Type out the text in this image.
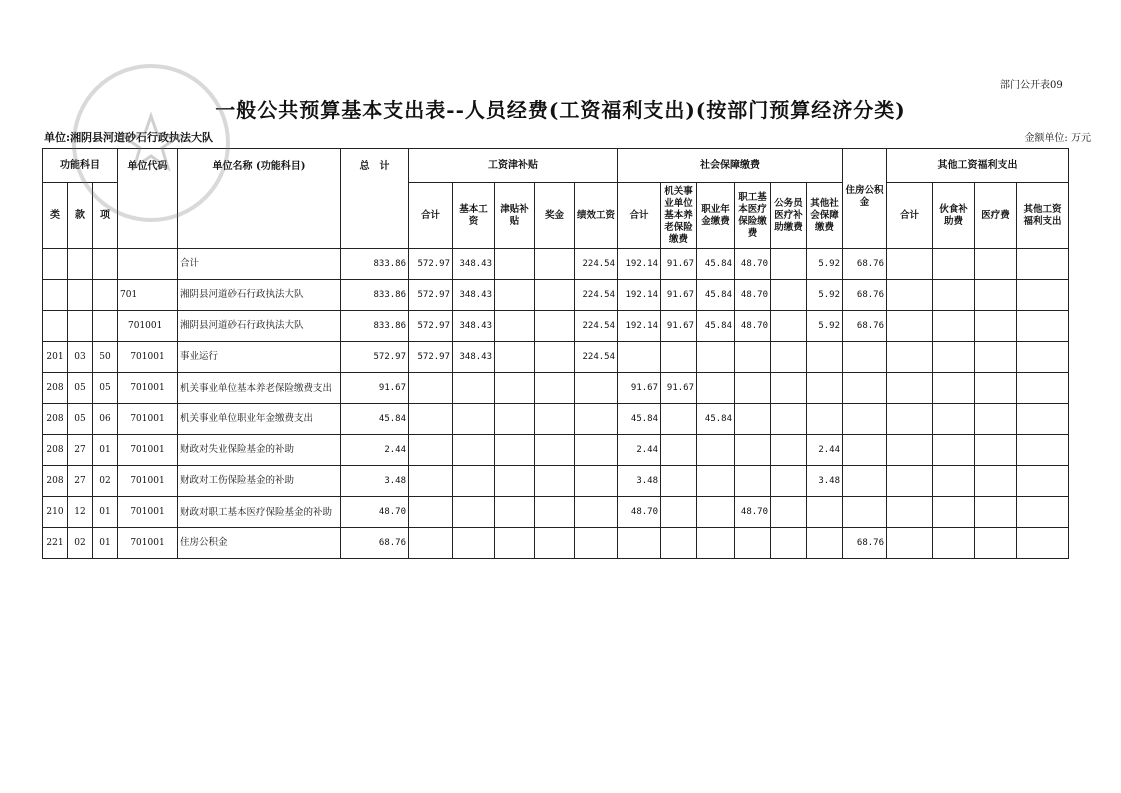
部门公开表09
一般公共预算基本支出表--人员经费(工资福利支出)(按部门预算经济分类)
单位:湘阴县河道砂石行政执法大队	金额单位: 万元
功能科目			单位代码	单位名称 (功能科目)	总　计	工资津补贴					社会保障缴费						住房公积金	其他工资福利支出			
类	款	项				合计	基本工资	津贴补贴	奖金	绩效工资	合计	机关事业单位基本养老保险缴费	职业年金缴费	职工基本医疗保险缴费	公务员医疗补助缴费	其他社会保障缴费		合计	伙食补助费	医疗费	其他工资福利支出
				合计	833.86	572.97	348.43			224.54	192.14	91.67	45.84	48.70		5.92	68.76				
			701	湘阴县河道砂石行政执法大队	833.86	572.97	348.43			224.54	192.14	91.67	45.84	48.70		5.92	68.76				
			701001	湘阴县河道砂石行政执法大队	833.86	572.97	348.43			224.54	192.14	91.67	45.84	48.70		5.92	68.76				
201	03	50	701001	事业运行	572.97	572.97	348.43			224.54											
208	05	05	701001	机关事业单位基本养老保险缴费支出	91.67						91.67	91.67									
208	05	06	701001	机关事业单位职业年金缴费支出	45.84						45.84		45.84								
208	27	01	701001	财政对失业保险基金的补助	2.44						2.44					2.44					
208	27	02	701001	财政对工伤保险基金的补助	3.48						3.48					3.48					
210	12	01	701001	财政对职工基本医疗保险基金的补助	48.70						48.70			48.70							
221	02	01	701001	住房公积金	68.76												68.76				
